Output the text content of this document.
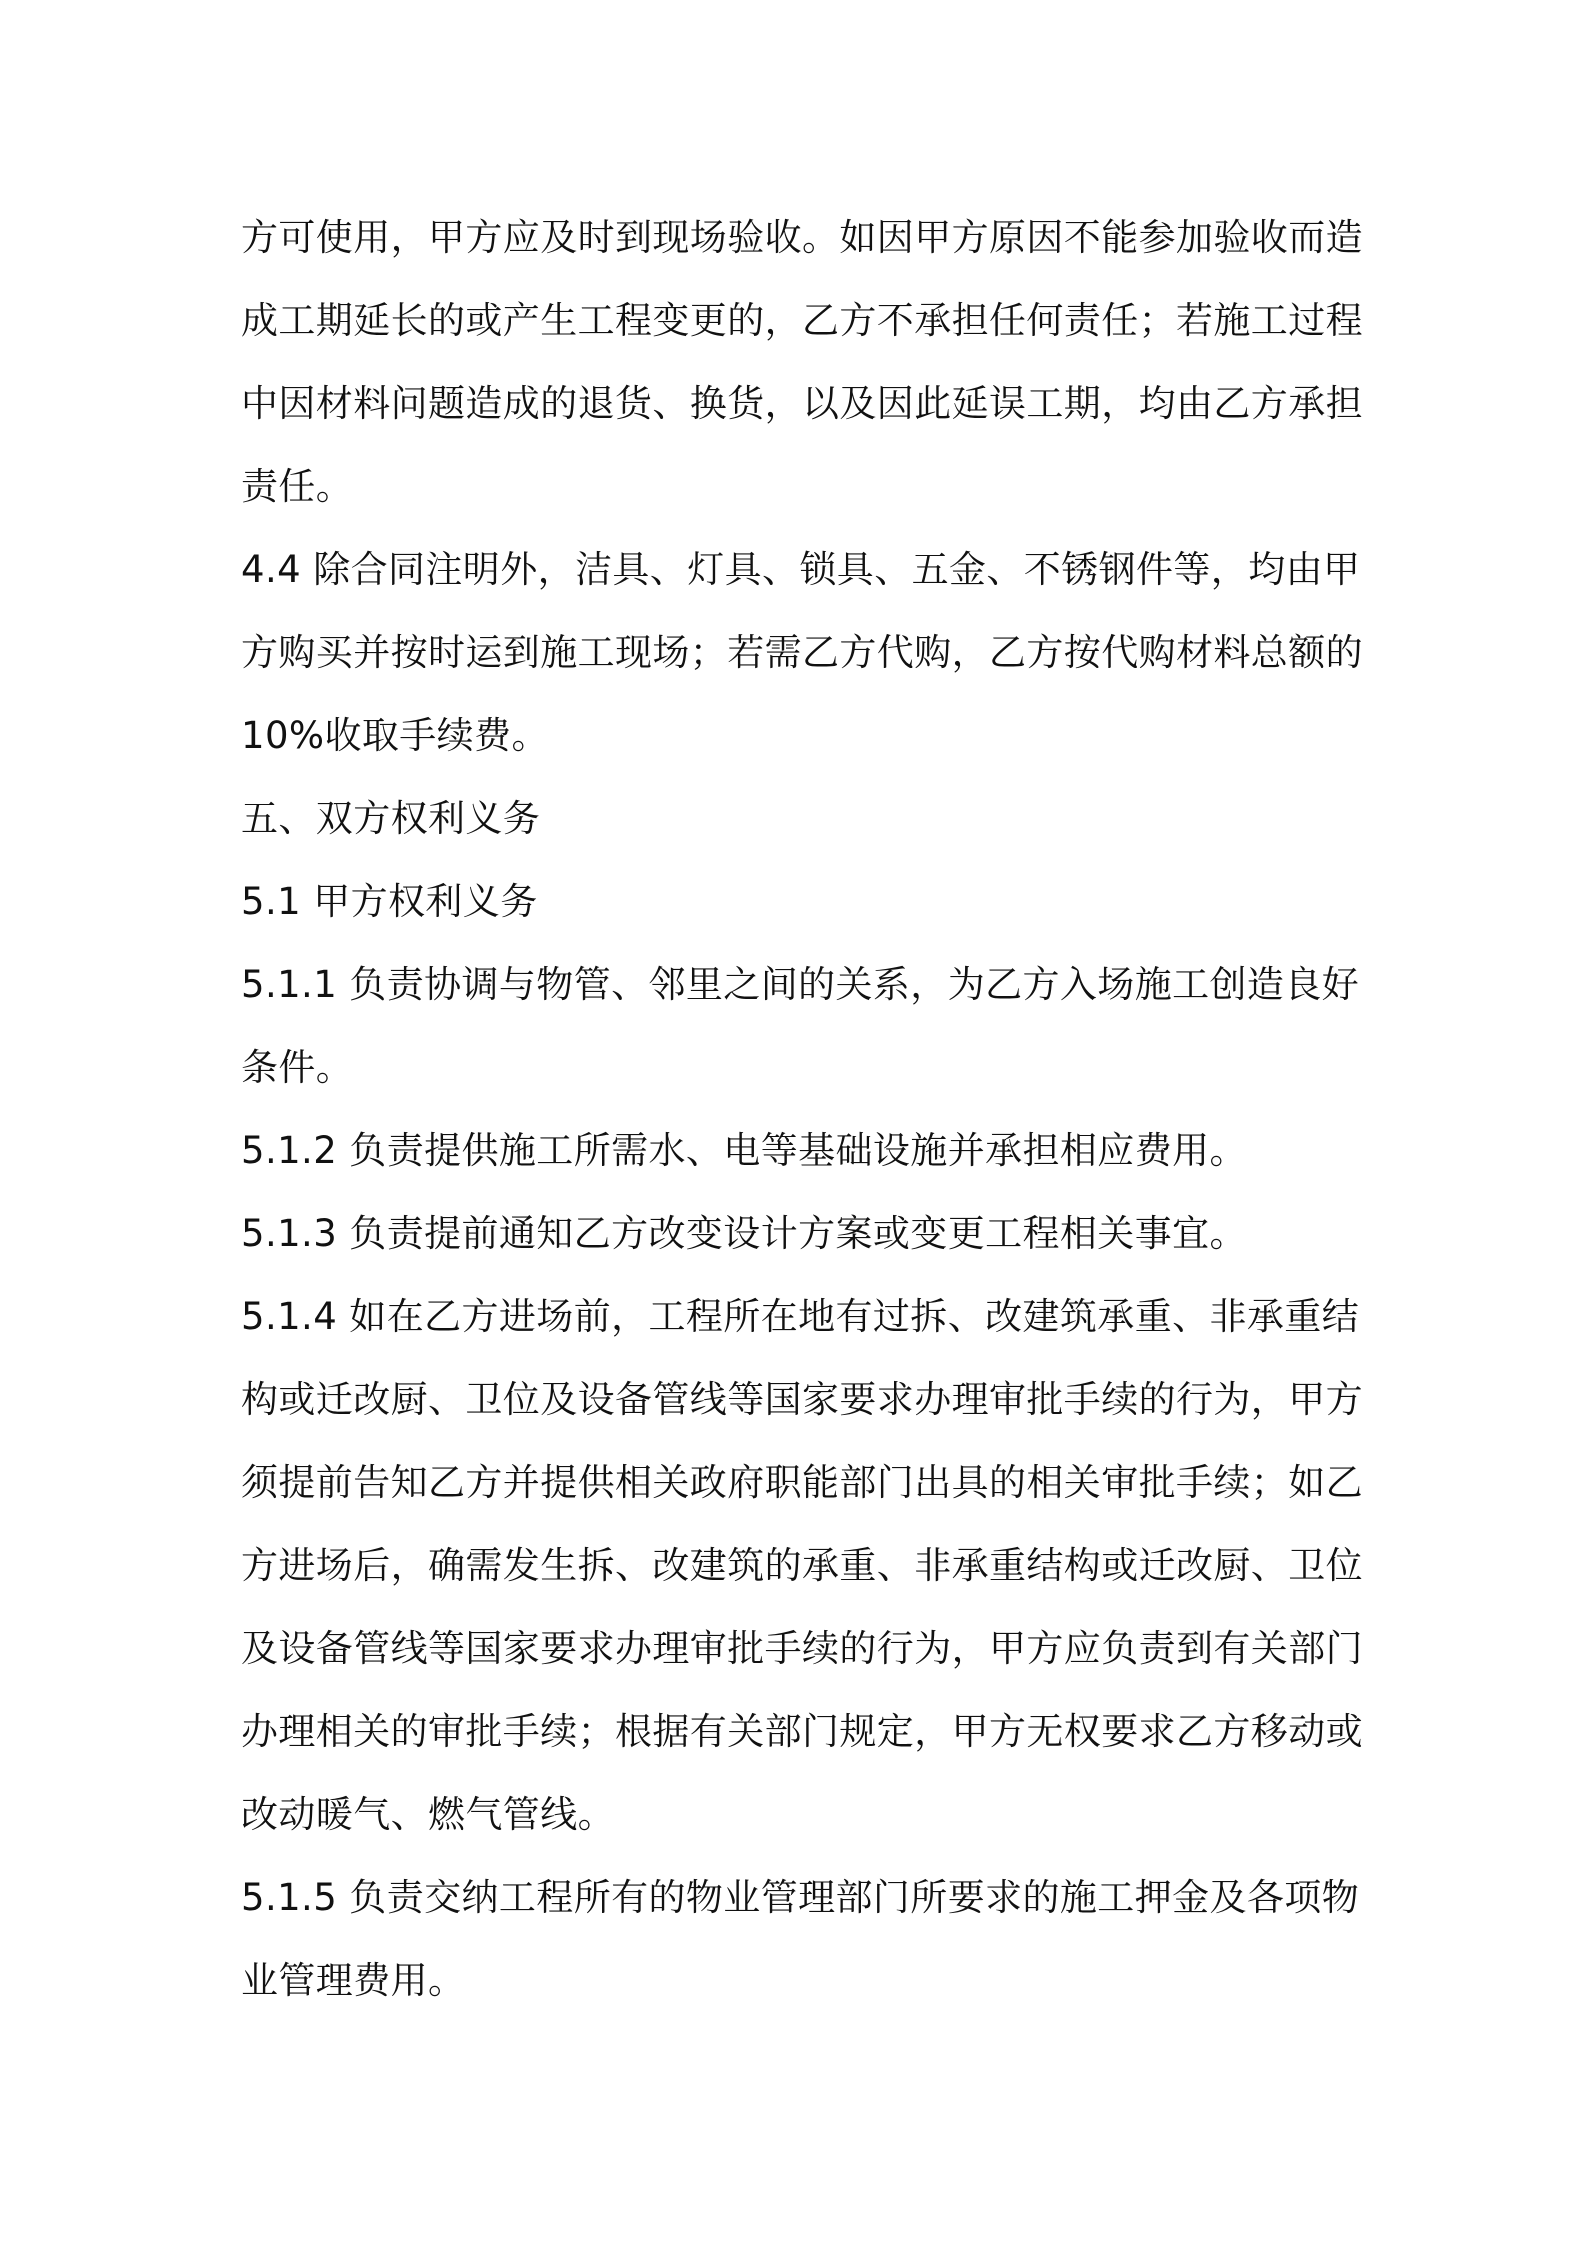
方可使用，甲方应及时到现场验收。如因甲方原因不能参加验收而造
成工期延长的或产生工程变更的，乙方不承担任何责任；若施工过程
中因材料问题造成的退货、换货，以及因此延误工期，均由乙方承担
责任。
4.4 除合同注明外，洁具、灯具、锁具、五金、不锈钢件等，均由甲
方购买并按时运到施工现场；若需乙方代购，乙方按代购材料总额的
10%收取手续费。
五、双方权利义务
5.1 甲方权利义务
5.1.1 负责协调与物管、邻里之间的关系，为乙方入场施工创造良好
条件。
5.1.2 负责提供施工所需水、电等基础设施并承担相应费用。
5.1.3 负责提前通知乙方改变设计方案或变更工程相关事宜。
5.1.4 如在乙方进场前，工程所在地有过拆、改建筑承重、非承重结
构或迁改厨、卫位及设备管线等国家要求办理审批手续的行为，甲方
须提前告知乙方并提供相关政府职能部门出具的相关审批手续；如乙
方进场后，确需发生拆、改建筑的承重、非承重结构或迁改厨、卫位
及设备管线等国家要求办理审批手续的行为，甲方应负责到有关部门
办理相关的审批手续；根据有关部门规定，甲方无权要求乙方移动或
改动暖气、燃气管线。
5.1.5 负责交纳工程所有的物业管理部门所要求的施工押金及各项物
业管理费用。
